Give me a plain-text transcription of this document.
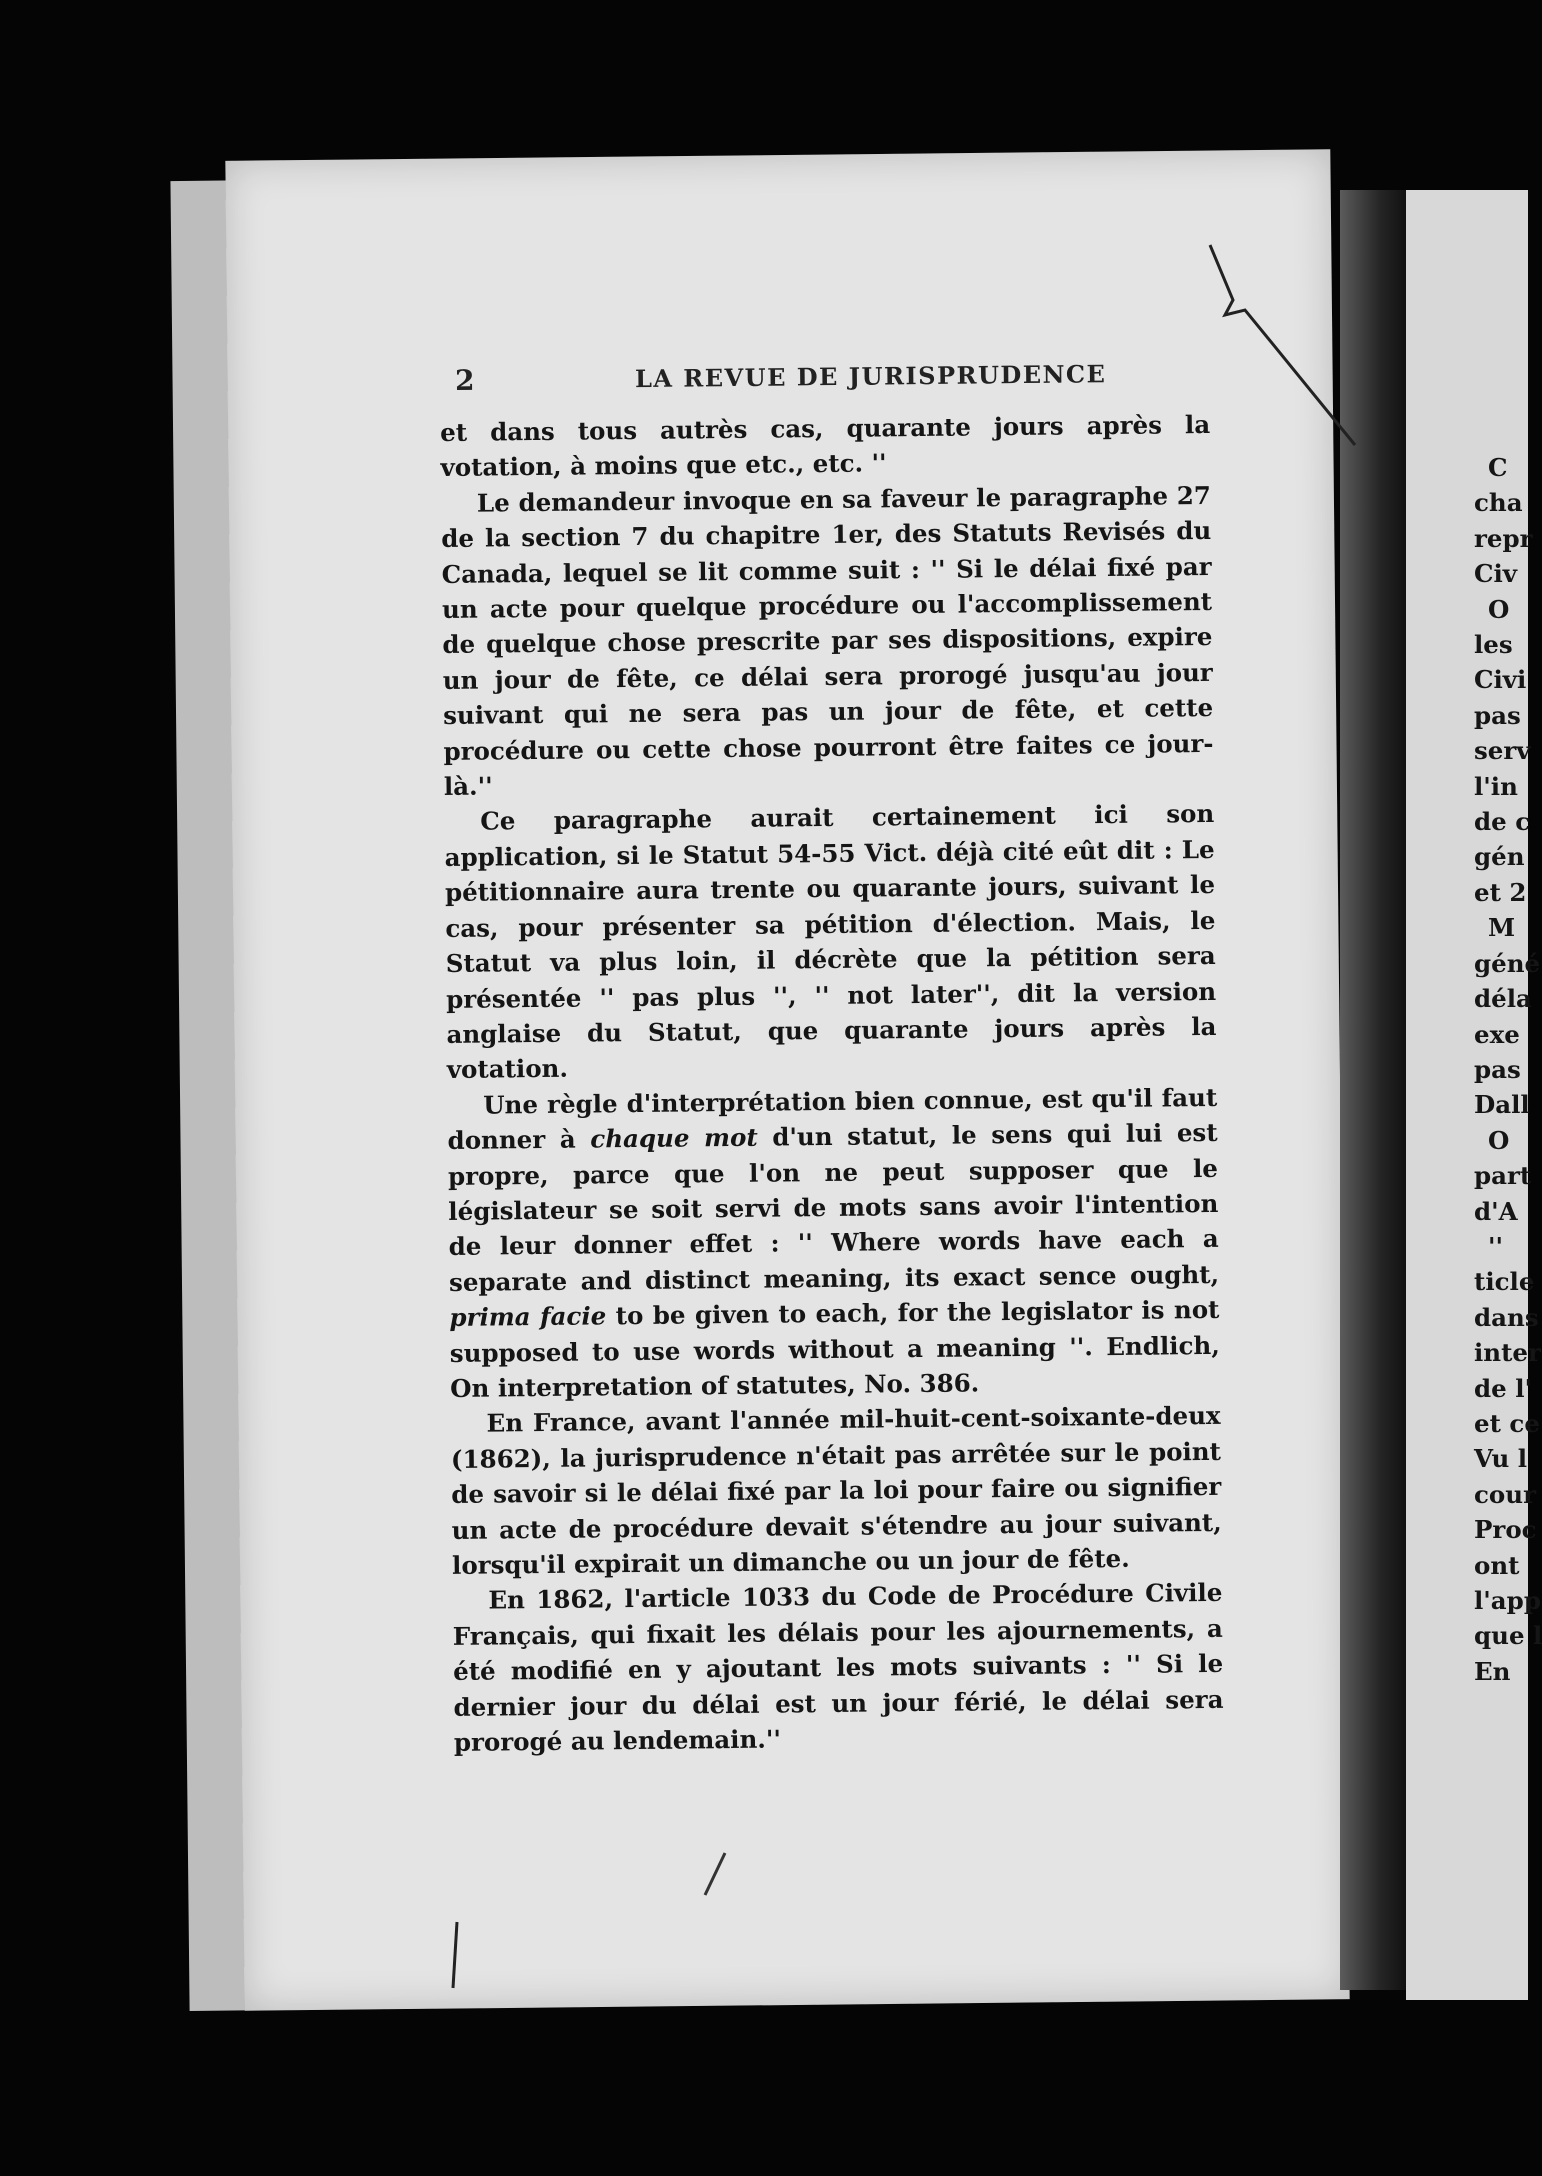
2	LA REVUE DE JURISPRUDENCE

et dans tous autrès cas, quarante jours après la votation, à moins que etc., etc. ''

Le demandeur invoque en sa faveur le paragraphe 27 de la section 7 du chapitre 1er, des Statuts Revisés du Canada, lequel se lit comme suit : '' Si le délai fixé par un acte pour quelque procédure ou l'accomplissement de quelque chose prescrite par ses dispositions, expire un jour de fête, ce délai sera prorogé jusqu'au jour suivant qui ne sera pas un jour de fête, et cette procédure ou cette chose pourront être faites ce jour-là.''

Ce paragraphe aurait certainement ici son application, si le Statut 54-55 Vict. déjà cité eût dit : Le pétitionnaire aura trente ou quarante jours, suivant le cas, pour présenter sa pétition d'élection. Mais, le Statut va plus loin, il décrète que la pétition sera présentée '' pas plus '', '' not later'', dit la version anglaise du Statut, que quarante jours après la votation.

Une règle d'interprétation bien connue, est qu'il faut donner à chaque mot d'un statut, le sens qui lui est propre, parce que l'on ne peut supposer que le législateur se soit servi de mots sans avoir l'intention de leur donner effet : '' Where words have each a separate and distinct meaning, its exact sence ought, prima facie to be given to each, for the legislator is not supposed to use words without a meaning ''. Endlich, On interpretation of statutes, No. 386.

En France, avant l'année mil-huit-cent-soixante-deux (1862), la jurisprudence n'était pas arrêtée sur le point de savoir si le délai fixé par la loi pour faire ou signifier un acte de procédure devait s'étendre au jour suivant, lorsqu'il expirait un dimanche ou un jour de fête.

En 1862, l'article 1033 du Code de Procédure Civile Français, qui fixait les délais pour les ajournements, a été modifié en y ajoutant les mots suivants : '' Si le dernier jour du délai est un jour férié, le délai sera prorogé au lendemain.''

C
cha
repr
Civ
O
les
Civi
pas
serv
l'in
de c
gén
et 2
M
géné
déla
exe
pas
Dall
O
part
d'A
''
ticle
dans
inter
de l'
et ce
Vu l
cour
Proc
ont
l'app
que l
En
